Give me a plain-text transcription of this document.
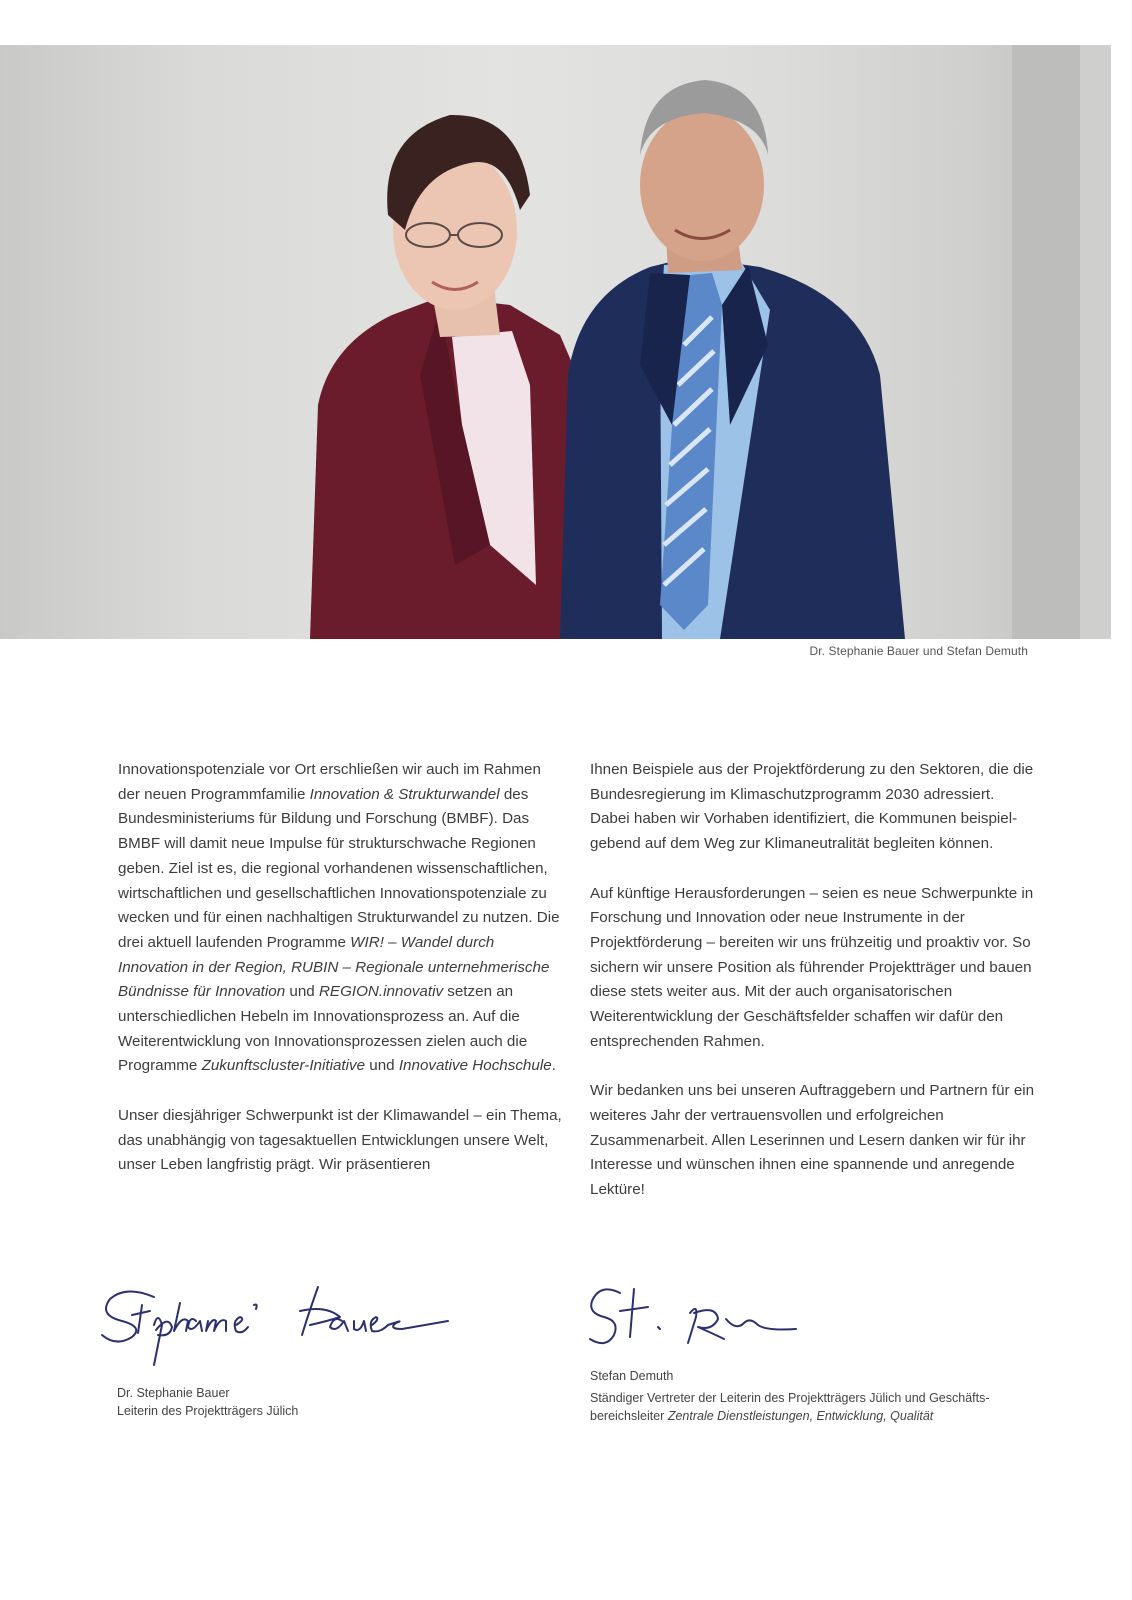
Dr. Stephanie Bauer und Stefan Demuth

Innovationspotenziale vor Ort erschließen wir auch im Rahmen der neuen Programmfamilie Innovation & Strukturwandel des Bundesministeriums für Bildung und Forschung (BMBF). Das BMBF will damit neue Impulse für strukturschwache Regionen geben. Ziel ist es, die regional vorhandenen wissenschaftlichen, wirtschaftlichen und gesellschaftlichen Innovationspotenziale zu wecken und für einen nachhaltigen Strukturwandel zu nutzen. Die drei aktuell laufenden Programme WIR! – Wandel durch Innovation in der Region, RUBIN – Regionale unternehmerische Bündnisse für Innovation und REGION.innovativ setzen an unterschiedlichen Hebeln im Innovationsprozess an. Auf die Weiterentwicklung von Innovationsprozessen zielen auch die Programme Zukunftscluster-Initiative und Innovative Hochschule.

Unser diesjähriger Schwerpunkt ist der Klimawandel – ein Thema, das unabhängig von tagesaktuellen Entwicklungen unsere Welt, unser Leben langfristig prägt. Wir präsentieren

Ihnen Beispiele aus der Projektförderung zu den Sektoren, die die Bundesregierung im Klimaschutzprogramm 2030 adressiert. Dabei haben wir Vorhaben identifiziert, die Kommunen beispielgebend auf dem Weg zur Klimaneutralität begleiten können.

Auf künftige Herausforderungen – seien es neue Schwerpunkte in Forschung und Innovation oder neue Instrumente in der Projektförderung – bereiten wir uns frühzeitig und proaktiv vor. So sichern wir unsere Position als führender Projektträger und bauen diese stets weiter aus. Mit der auch organisatorischen Weiterentwicklung der Geschäftsfelder schaffen wir dafür den entsprechenden Rahmen.

Wir bedanken uns bei unseren Auftraggebern und Partnern für ein weiteres Jahr der vertrauensvollen und erfolgreichen Zusammenarbeit. Allen Leserinnen und Lesern danken wir für ihr Interesse und wünschen ihnen eine spannende und anregende Lektüre!

Dr. Stephanie Bauer
Leiterin des Projektträgers Jülich
Stefan Demuth
Ständiger Vertreter der Leiterin des Projektträgers Jülich und Geschäftsbereichsleiter Zentrale Dienstleistungen, Entwicklung, Qualität
